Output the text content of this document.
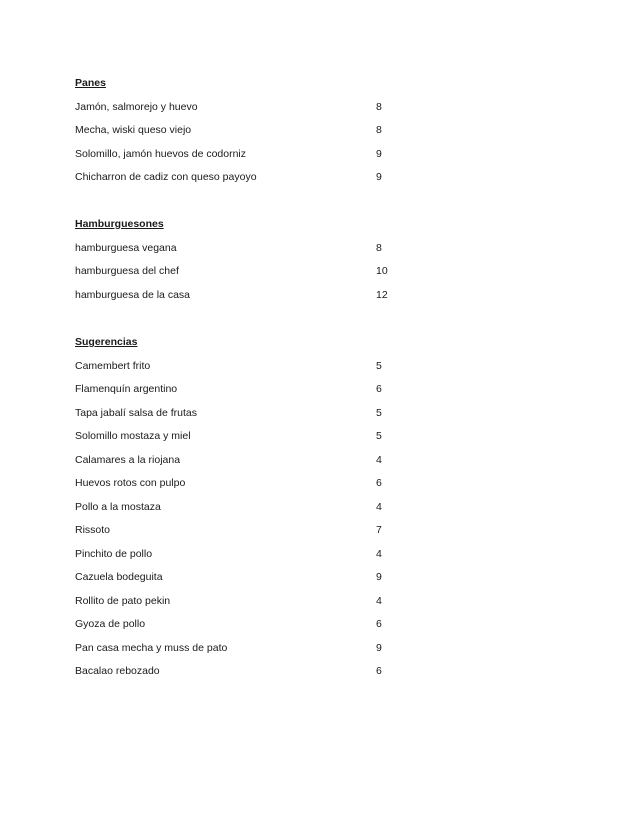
Panes
Jamón, salmorejo y huevo	8
Mecha, wiski queso viejo	8
Solomillo, jamón huevos de codorniz	9
Chicharron de cadiz con queso payoyo	9
Hamburguesones
hamburguesa vegana	8
hamburguesa del chef	10
hamburguesa de la casa	12
Sugerencias
Camembert frito	5
Flamenquín argentino	6
Tapa jabalí salsa de frutas	5
Solomillo mostaza y miel	5
Calamares a la riojana	4
Huevos rotos con pulpo	6
Pollo a la mostaza	4
Rissoto	7
Pinchito de pollo	4
Cazuela bodeguita	9
Rollito de pato pekin	4
Gyoza de pollo	6
Pan casa mecha y muss de pato	9
Bacalao rebozado	6
